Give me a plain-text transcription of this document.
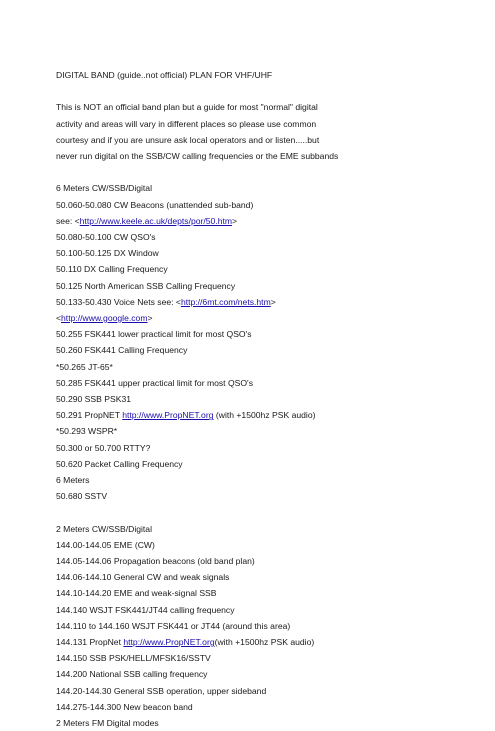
DIGITAL BAND (guide..not official) PLAN FOR VHF/UHF
This is NOT an official band plan but a guide for most "normal" digital
activity and areas will vary in different places so please use common
courtesy and if you are unsure ask local operators and or listen.....but
never run digital on the SSB/CW calling frequencies or the EME subbands
6 Meters CW/SSB/Digital
50.060-50.080 CW Beacons (unattended sub-band)
see: <http://www.keele.ac.uk/depts/por/50.htm>
50.080-50.100 CW QSO's
50.100-50.125 DX Window
50.110 DX Calling Frequency
50.125 North American SSB Calling Frequency
50.133-50.430 Voice Nets see: <http://6mt.com/nets.htm>
<http://www.google.com>
50.255 FSK441 lower practical limit for most QSO's
50.260 FSK441 Calling Frequency
*50.265 JT-65*
50.285 FSK441 upper practical limit for most QSO's
50.290 SSB PSK31
50.291 PropNET http://www.PropNET.org (with +1500hz PSK audio)
*50.293 WSPR*
50.300 or 50.700 RTTY?
50.620 Packet Calling Frequency
6 Meters
50.680 SSTV
2 Meters CW/SSB/Digital
144.00-144.05 EME (CW)
144.05-144.06 Propagation beacons (old band plan)
144.06-144.10 General CW and weak signals
144.10-144.20 EME and weak-signal SSB
144.140 WSJT FSK441/JT44 calling frequency
144.110 to 144.160 WSJT FSK441 or JT44 (around this area)
144.131 PropNet http://www.PropNET.org(with +1500hz PSK audio)
144.150 SSB PSK/HELL/MFSK16/SSTV
144.200 National SSB calling frequency
144.20-144.30 General SSB operation, upper sideband
144.275-144.300 New beacon band
2 Meters FM Digital modes
